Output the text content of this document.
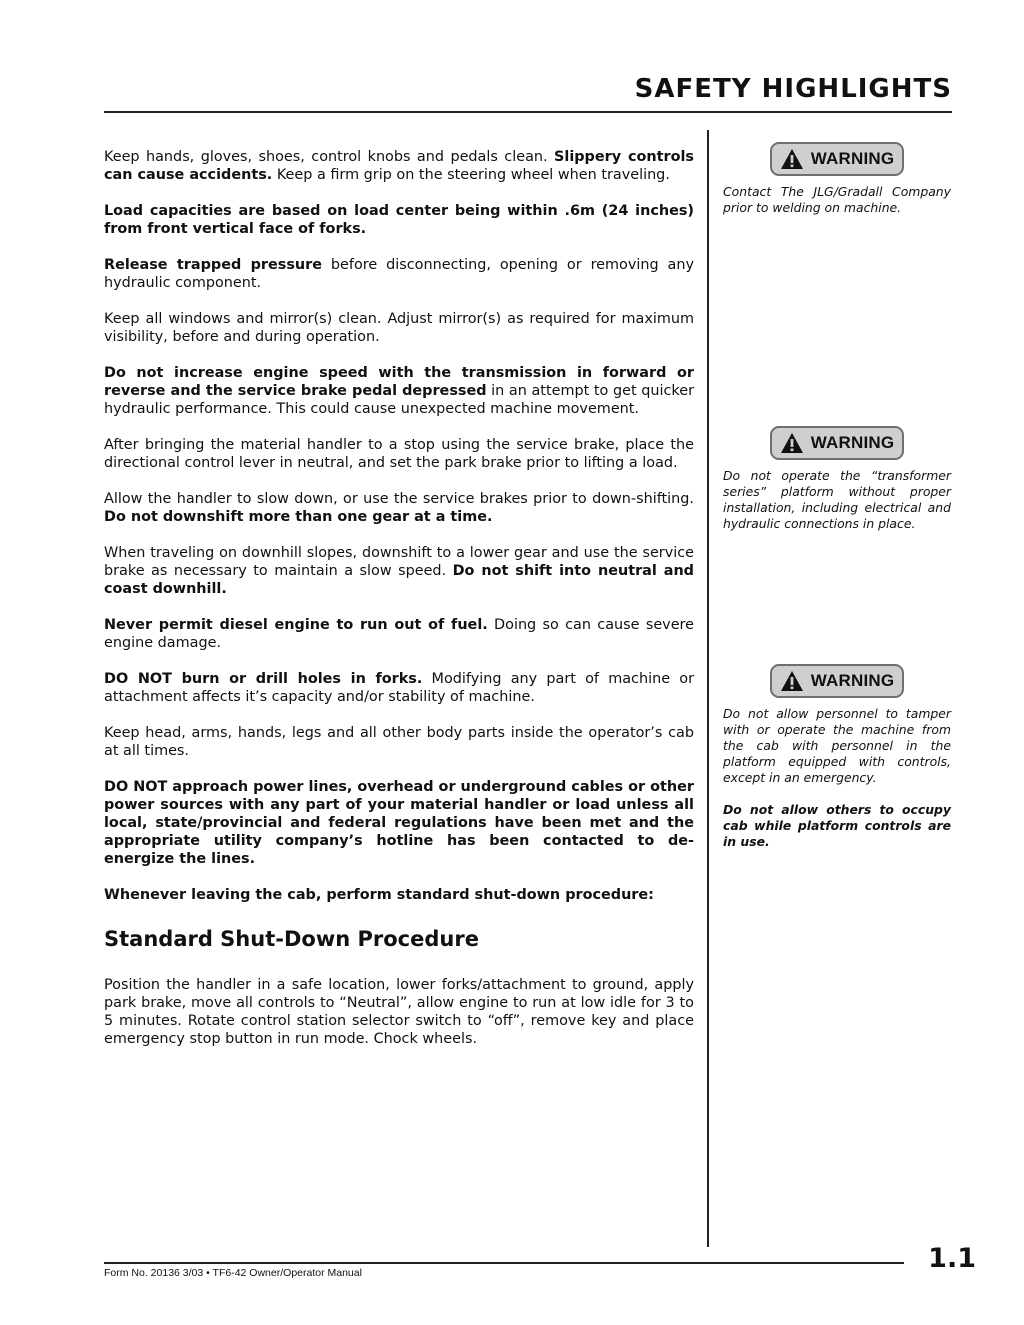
SAFETY HIGHLIGHTS

Keep hands, gloves, shoes, control knobs and pedals clean. Slippery controls can cause accidents. Keep a firm grip on the steering wheel when traveling.

Load capacities are based on load center being within .6m (24 inches) from front vertical face of forks.

Release trapped pressure before disconnecting, opening or removing any hydraulic component.

Keep all windows and mirror(s) clean. Adjust mirror(s) as required for maximum visibility, before and during operation.

Do not increase engine speed with the transmission in forward or reverse and the service brake pedal depressed in an attempt to get quicker hydraulic performance. This could cause unexpected machine movement.

After bringing the material handler to a stop using the service brake, place the directional control lever in neutral, and set the park brake prior to lifting a load.

Allow the handler to slow down, or use the service brakes prior to down-shifting. Do not downshift more than one gear at a time.

When traveling on downhill slopes, downshift to a lower gear and use the service brake as necessary to maintain a slow speed. Do not shift into neutral and coast downhill.

Never permit diesel engine to run out of fuel. Doing so can cause severe engine damage.

DO NOT burn or drill holes in forks. Modifying any part of machine or attachment affects it’s capacity and/or stability of machine.

Keep head, arms, hands, legs and all other body parts inside the operator’s cab at all times.

DO NOT approach power lines, overhead or underground cables or other power sources with any part of your material handler or load unless all local, state/provincial and federal regulations have been met and the appropriate utility company’s hotline has been contacted to de-energize the lines.

Whenever leaving the cab, perform standard shut-down procedure:

Standard Shut-Down Procedure

Position the handler in a safe location, lower forks/attachment to ground, apply park brake, move all controls to “Neutral”, allow engine to run at low idle for 3 to 5 minutes. Rotate control station selector switch to “off”, remove key and place emergency stop button in run mode. Chock wheels.

WARNING

Contact The JLG/Gradall Company prior to welding on machine.

WARNING

Do not operate the “transformer series” platform without proper installation, including electrical and hydraulic connections in place.

WARNING

Do not allow personnel to tamper with or operate the machine from the cab with personnel in the platform equipped with controls, except in an emergency.

Do not allow others to occupy cab while platform controls are in use.

Form No. 20136 3/03 • TF6-42 Owner/Operator Manual	1.1
